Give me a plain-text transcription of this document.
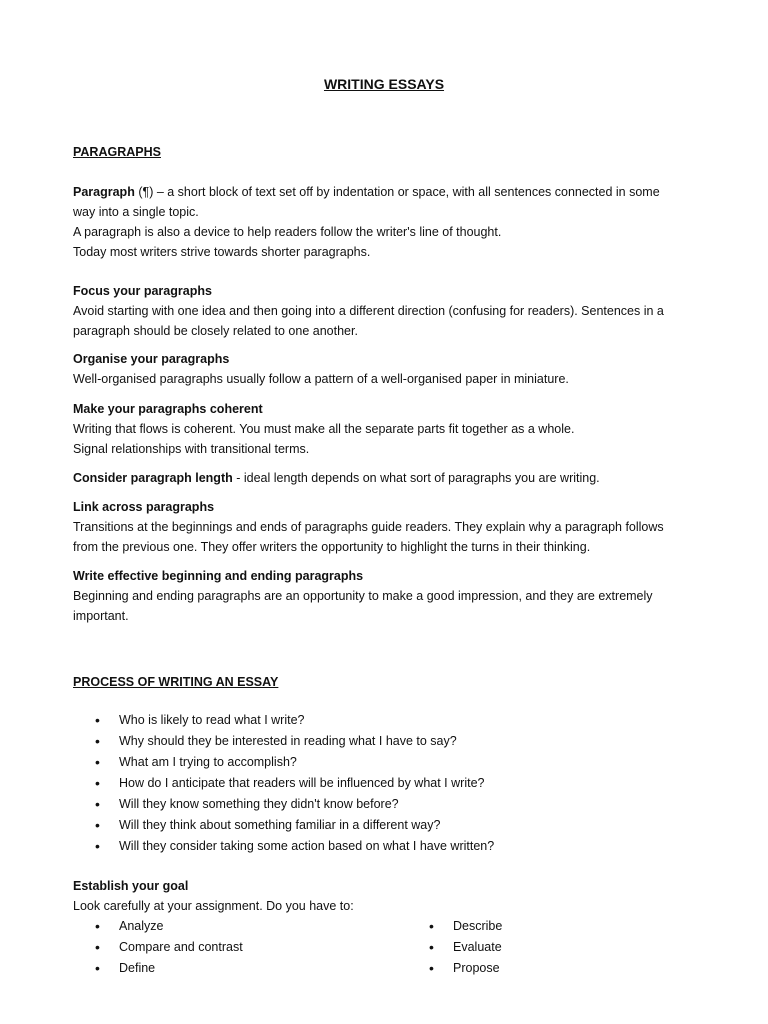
WRITING ESSAYS
PARAGRAPHS

Paragraph (¶) – a short block of text set off by indentation or space, with all sentences connected in some

way into a single topic.

A paragraph is also a device to help readers follow the writer's line of thought.

Today most writers strive towards shorter paragraphs.

Focus your paragraphs

Avoid starting with one idea and then going into a different direction (confusing for readers). Sentences in a

paragraph should be closely related to one another.

Organise your paragraphs

Well-organised paragraphs usually follow a pattern of a well-organised paper in miniature.

Make your paragraphs coherent

Writing that flows is coherent. You must make all the separate parts fit together as a whole.

Signal relationships with transitional terms.

Consider paragraph length - ideal length depends on what sort of paragraphs you are writing.

Link across paragraphs

Transitions at the beginnings and ends of paragraphs guide readers. They explain why a paragraph follows

from the previous one. They offer writers the opportunity to highlight the turns in their thinking.

Write effective beginning and ending paragraphs

Beginning and ending paragraphs are an opportunity to make a good impression, and they are extremely

important.

PROCESS OF WRITING AN ESSAY
• Who is likely to read what I write?
• Why should they be interested in reading what I have to say?
• What am I trying to accomplish?
• How do I anticipate that readers will be influenced by what I write?
• Will they know something they didn't know before?
• Will they think about something familiar in a different way?
• Will they consider taking some action based on what I have written?

Establish your goal

Look carefully at your assignment. Do you have to:

• Analyze
• Compare and contrast
• Define
• Describe
• Evaluate
• Propose
